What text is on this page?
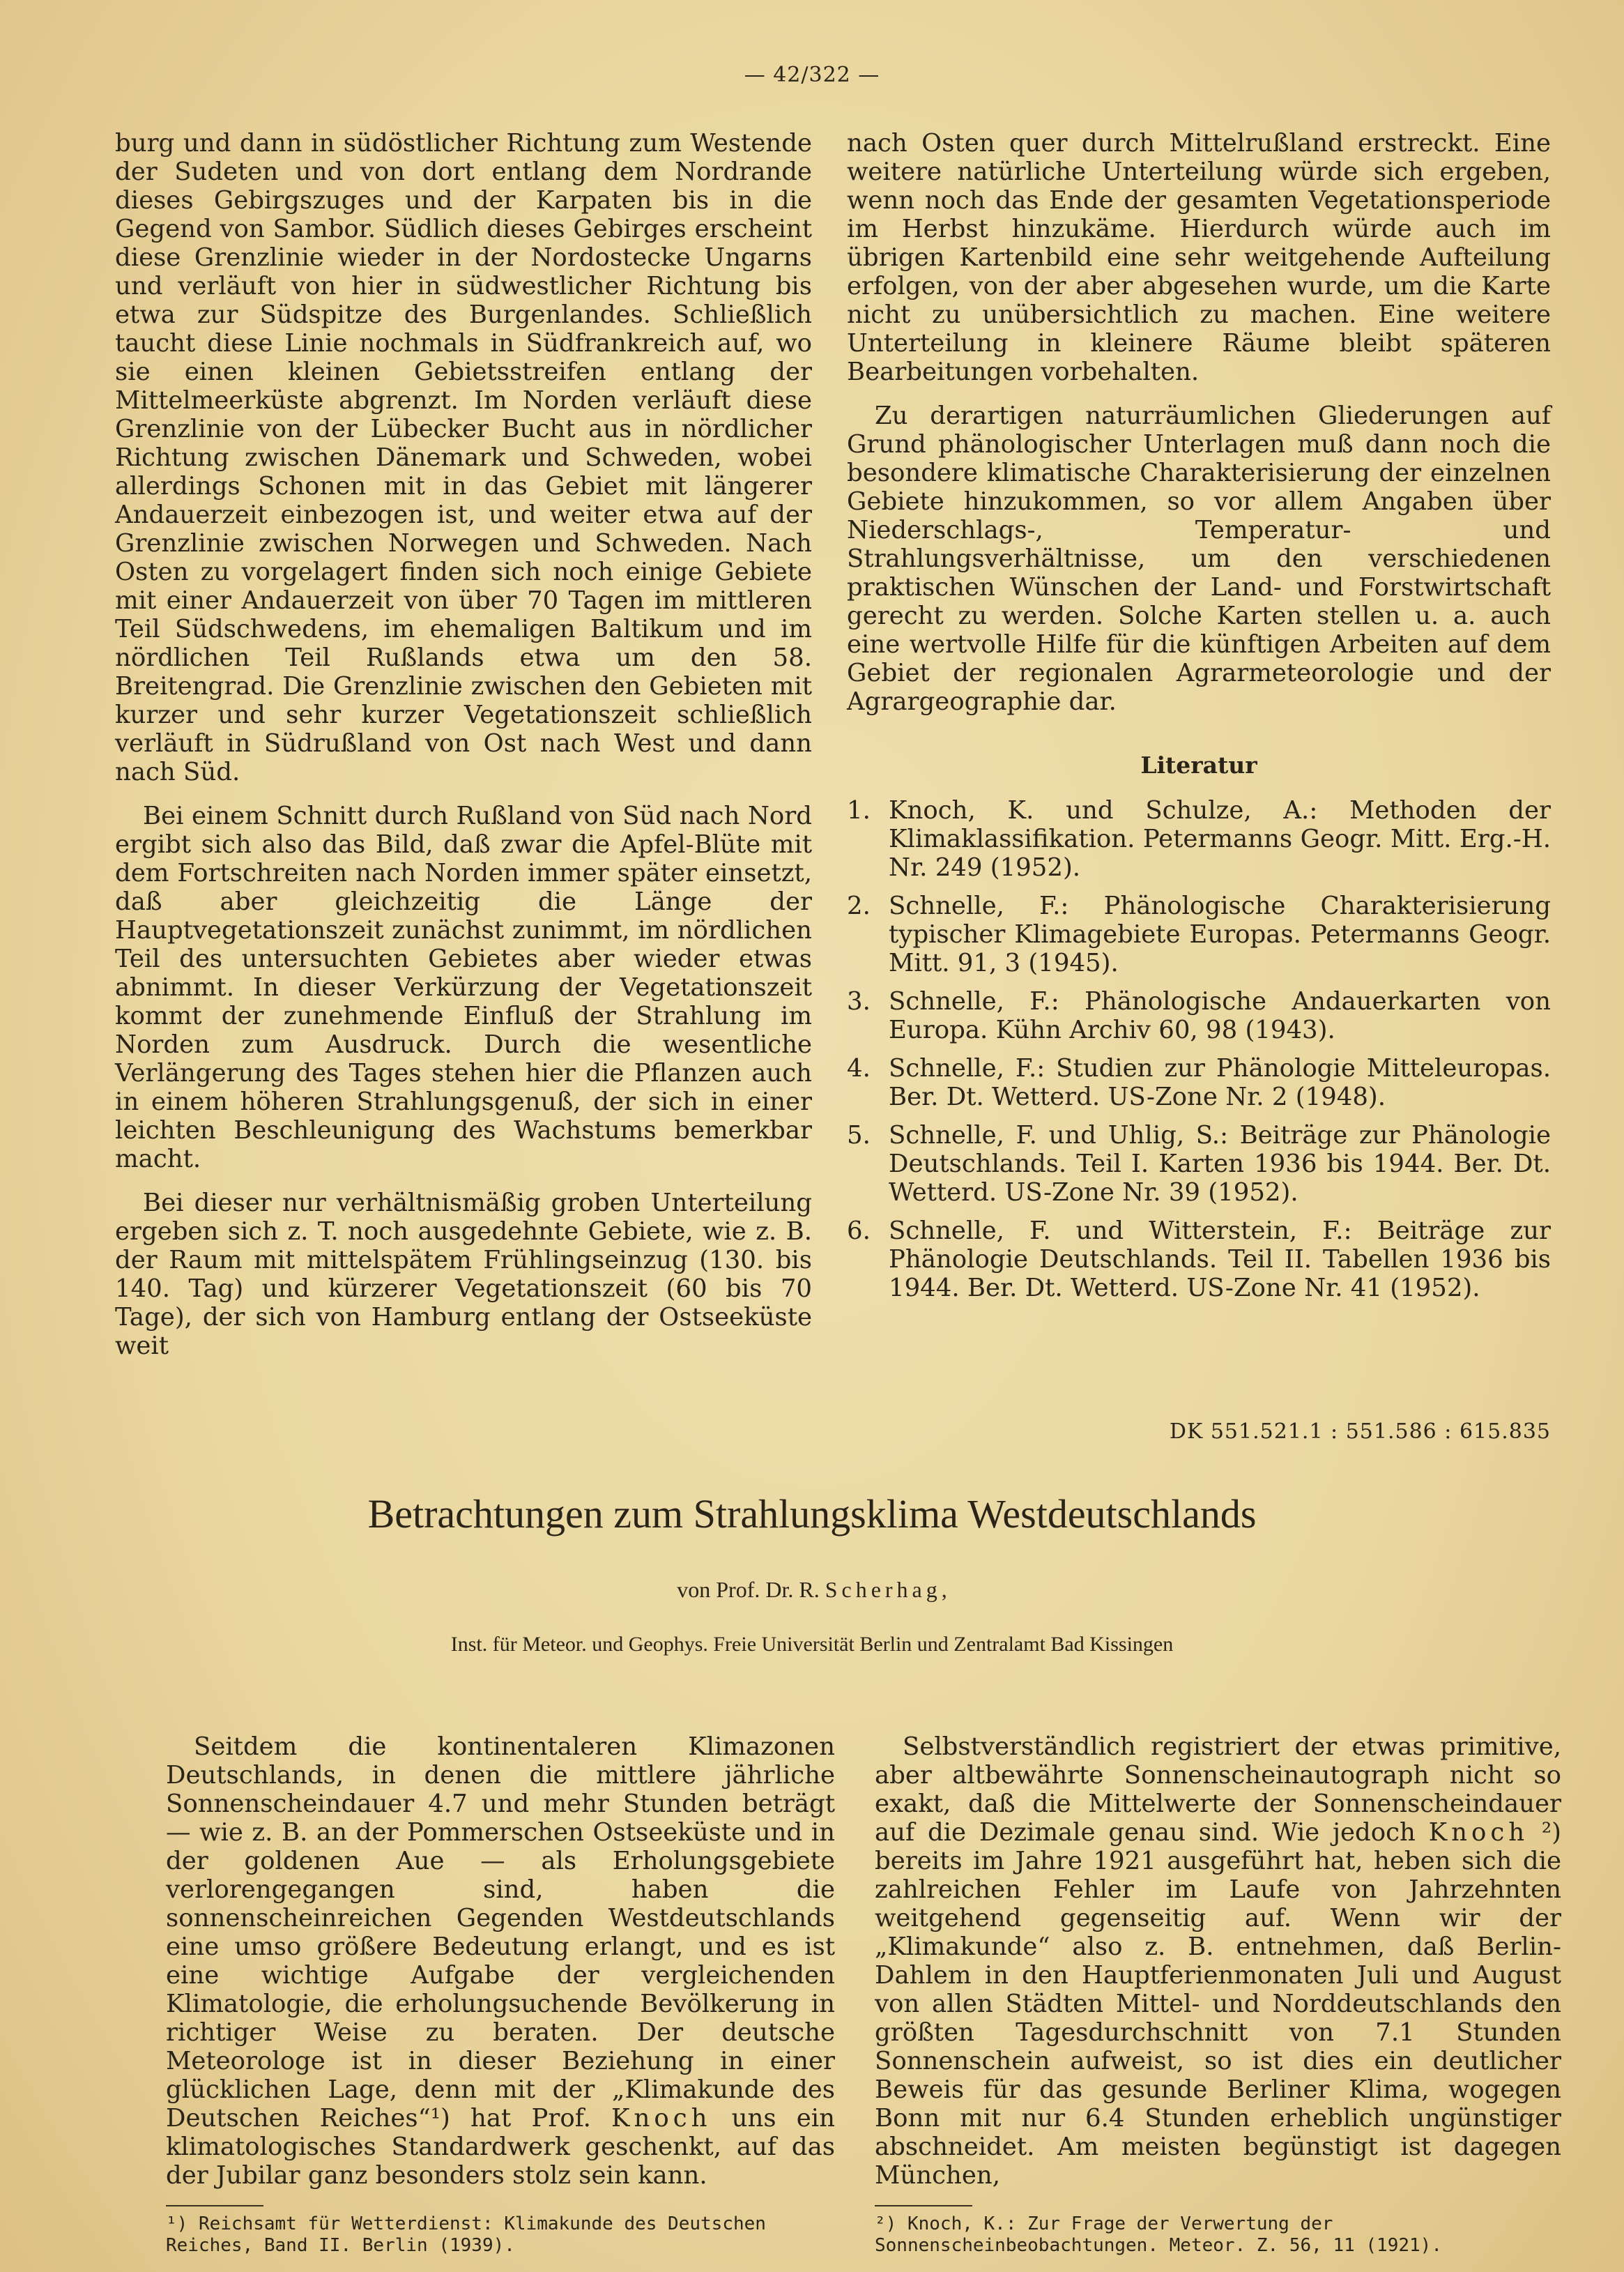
— 42/322 —

burg und dann in südöstlicher Richtung zum Westende der Sudeten und von dort entlang dem Nordrande dieses Gebirgszuges und der Karpaten bis in die Gegend von Sambor. Südlich dieses Gebirges erscheint diese Grenzlinie wieder in der Nordostecke Ungarns und verläuft von hier in südwestlicher Richtung bis etwa zur Südspitze des Burgenlandes. Schließlich taucht diese Linie nochmals in Südfrankreich auf, wo sie einen kleinen Gebietsstreifen entlang der Mittelmeerküste abgrenzt. Im Norden verläuft diese Grenzlinie von der Lübecker Bucht aus in nördlicher Richtung zwischen Dänemark und Schweden, wobei allerdings Schonen mit in das Gebiet mit längerer Andauerzeit einbezogen ist, und weiter etwa auf der Grenzlinie zwischen Norwegen und Schweden. Nach Osten zu vorgelagert finden sich noch einige Gebiete mit einer Andauerzeit von über 70 Tagen im mittleren Teil Südschwedens, im ehemaligen Baltikum und im nördlichen Teil Rußlands etwa um den 58. Breitengrad. Die Grenzlinie zwischen den Gebieten mit kurzer und sehr kurzer Vegetationszeit schließlich verläuft in Südrußland von Ost nach West und dann nach Süd.

Bei einem Schnitt durch Rußland von Süd nach Nord ergibt sich also das Bild, daß zwar die Apfel-Blüte mit dem Fortschreiten nach Norden immer später einsetzt, daß aber gleichzeitig die Länge der Hauptvegetationszeit zunächst zunimmt, im nördlichen Teil des untersuchten Gebietes aber wieder etwas abnimmt. In dieser Verkürzung der Vegetationszeit kommt der zunehmende Einfluß der Strahlung im Norden zum Ausdruck. Durch die wesentliche Verlängerung des Tages stehen hier die Pflanzen auch in einem höheren Strahlungsgenuß, der sich in einer leichten Beschleunigung des Wachstums bemerkbar macht.

Bei dieser nur verhältnismäßig groben Unterteilung ergeben sich z. T. noch ausgedehnte Gebiete, wie z. B. der Raum mit mittelspätem Frühlingseinzug (130. bis 140. Tag) und kürzerer Vegetationszeit (60 bis 70 Tage), der sich von Hamburg entlang der Ostseeküste weit

nach Osten quer durch Mittelrußland erstreckt. Eine weitere natürliche Unterteilung würde sich ergeben, wenn noch das Ende der gesamten Vegetationsperiode im Herbst hinzukäme. Hierdurch würde auch im übrigen Kartenbild eine sehr weitgehende Aufteilung erfolgen, von der aber abgesehen wurde, um die Karte nicht zu unübersichtlich zu machen. Eine weitere Unterteilung in kleinere Räume bleibt späteren Bearbeitungen vorbehalten.

Zu derartigen naturräumlichen Gliederungen auf Grund phänologischer Unterlagen muß dann noch die besondere klimatische Charakterisierung der einzelnen Gebiete hinzukommen, so vor allem Angaben über Niederschlags-, Temperatur- und Strahlungsverhältnisse, um den verschiedenen praktischen Wünschen der Land- und Forstwirtschaft gerecht zu werden. Solche Karten stellen u. a. auch eine wertvolle Hilfe für die künftigen Arbeiten auf dem Gebiet der regionalen Agrarmeteorologie und der Agrargeographie dar.

Literatur
1. Knoch, K. und Schulze, A.: Methoden der Klimaklassifikation. Petermanns Geogr. Mitt. Erg.-H. Nr. 249 (1952).
2. Schnelle, F.: Phänologische Charakterisierung typischer Klimagebiete Europas. Petermanns Geogr. Mitt. 91, 3 (1945).
3. Schnelle, F.: Phänologische Andauerkarten von Europa. Kühn Archiv 60, 98 (1943).
4. Schnelle, F.: Studien zur Phänologie Mitteleuropas. Ber. Dt. Wetterd. US-Zone Nr. 2 (1948).
5. Schnelle, F. und Uhlig, S.: Beiträge zur Phänologie Deutschlands. Teil I. Karten 1936 bis 1944. Ber. Dt. Wetterd. US-Zone Nr. 39 (1952).
6. Schnelle, F. und Witterstein, F.: Beiträge zur Phänologie Deutschlands. Teil II. Tabellen 1936 bis 1944. Ber. Dt. Wetterd. US-Zone Nr. 41 (1952).
DK 551.521.1 : 551.586 : 615.835
Betrachtungen zum Strahlungsklima Westdeutschlands
von Prof. Dr. R. Scherhag,
Inst. für Meteor. und Geophys. Freie Universität Berlin und Zentralamt Bad Kissingen

Seitdem die kontinentaleren Klimazonen Deutschlands, in denen die mittlere jährliche Sonnenscheindauer 4.7 und mehr Stunden beträgt — wie z. B. an der Pommerschen Ostseeküste und in der goldenen Aue — als Erholungsgebiete verlorengegangen sind, haben die sonnenscheinreichen Gegenden Westdeutschlands eine umso größere Bedeutung erlangt, und es ist eine wichtige Aufgabe der vergleichenden Klimatologie, die erholungsuchende Bevölkerung in richtiger Weise zu beraten. Der deutsche Meteorologe ist in dieser Beziehung in einer glücklichen Lage, denn mit der „Klimakunde des Deutschen Reiches“¹) hat Prof. Knoch uns ein klimatologisches Standardwerk geschenkt, auf das der Jubilar ganz besonders stolz sein kann.

¹) Reichsamt für Wetterdienst: Klimakunde des Deutschen Reiches, Band II. Berlin (1939).

Selbstverständlich registriert der etwas primitive, aber altbewährte Sonnenscheinautograph nicht so exakt, daß die Mittelwerte der Sonnenscheindauer auf die Dezimale genau sind. Wie jedoch Knoch ²) bereits im Jahre 1921 ausgeführt hat, heben sich die zahlreichen Fehler im Laufe von Jahrzehnten weitgehend gegenseitig auf. Wenn wir der „Klimakunde“ also z. B. entnehmen, daß Berlin-Dahlem in den Hauptferienmonaten Juli und August von allen Städten Mittel- und Norddeutschlands den größten Tagesdurchschnitt von 7.1 Stunden Sonnenschein aufweist, so ist dies ein deutlicher Beweis für das gesunde Berliner Klima, wogegen Bonn mit nur 6.4 Stunden erheblich ungünstiger abschneidet. Am meisten begünstigt ist dagegen München,

²) Knoch, K.: Zur Frage der Verwertung der Sonnenscheinbeobachtungen. Meteor. Z. 56, 11 (1921).
